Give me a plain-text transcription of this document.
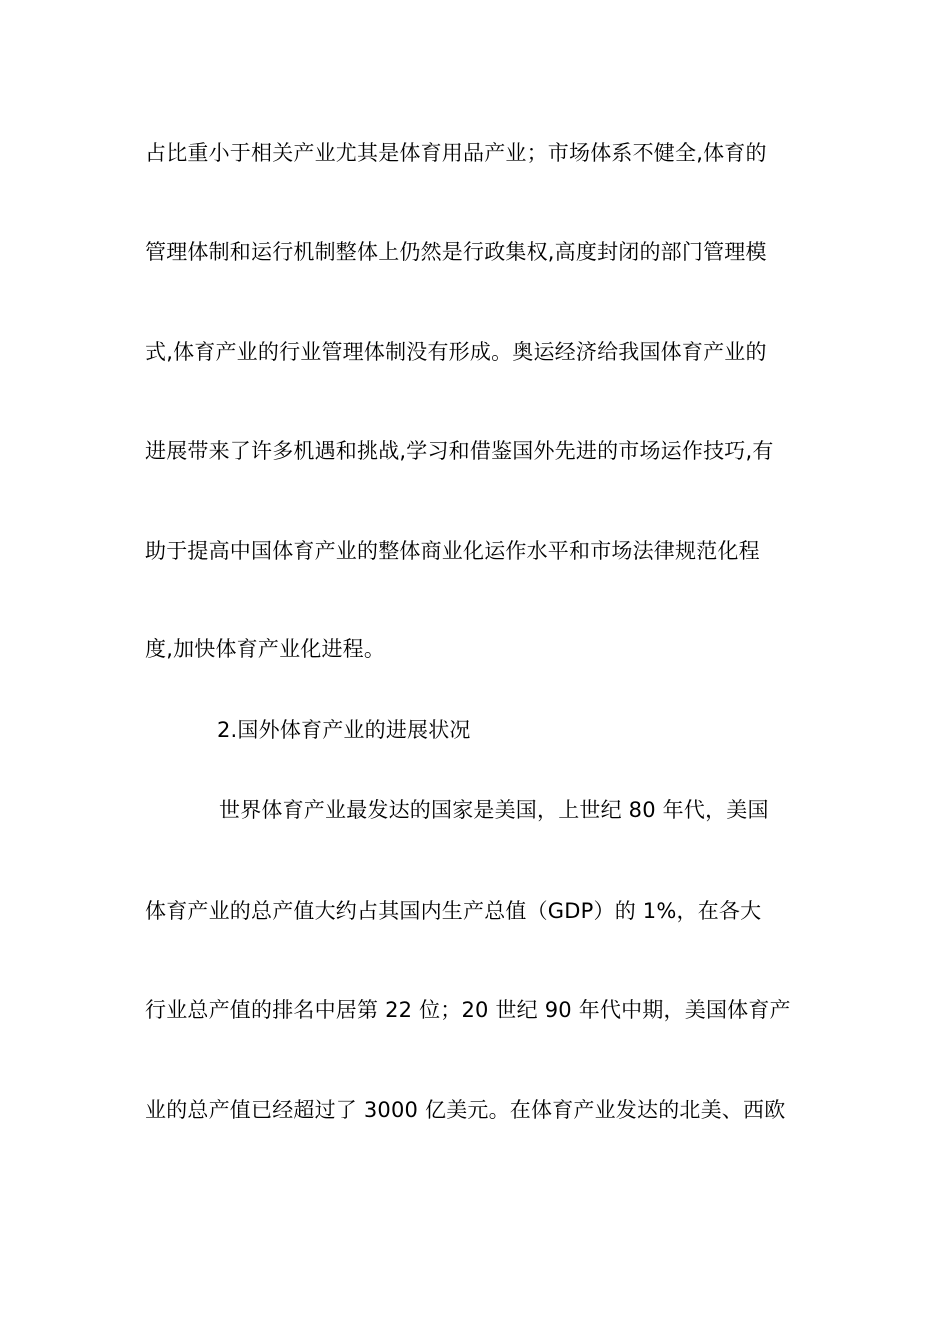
占比重小于相关产业尤其是体育用品产业；市场体系不健全,体育的
管理体制和运行机制整体上仍然是行政集权,高度封闭的部门管理模
式,体育产业的行业管理体制没有形成。奥运经济给我国体育产业的
进展带来了许多机遇和挑战,学习和借鉴国外先进的市场运作技巧,有
助于提高中国体育产业的整体商业化运作水平和市场法律规范化程
度,加快体育产业化进程。
2.国外体育产业的进展状况
世界体育产业最发达的国家是美国，上世纪 80 年代，美国
体育产业的总产值大约占其国内生产总值（GDP）的 1%，在各大
行业总产值的排名中居第 22 位；20 世纪 90 年代中期，美国体育产
业的总产值已经超过了 3000 亿美元。在体育产业发达的北美、西欧
